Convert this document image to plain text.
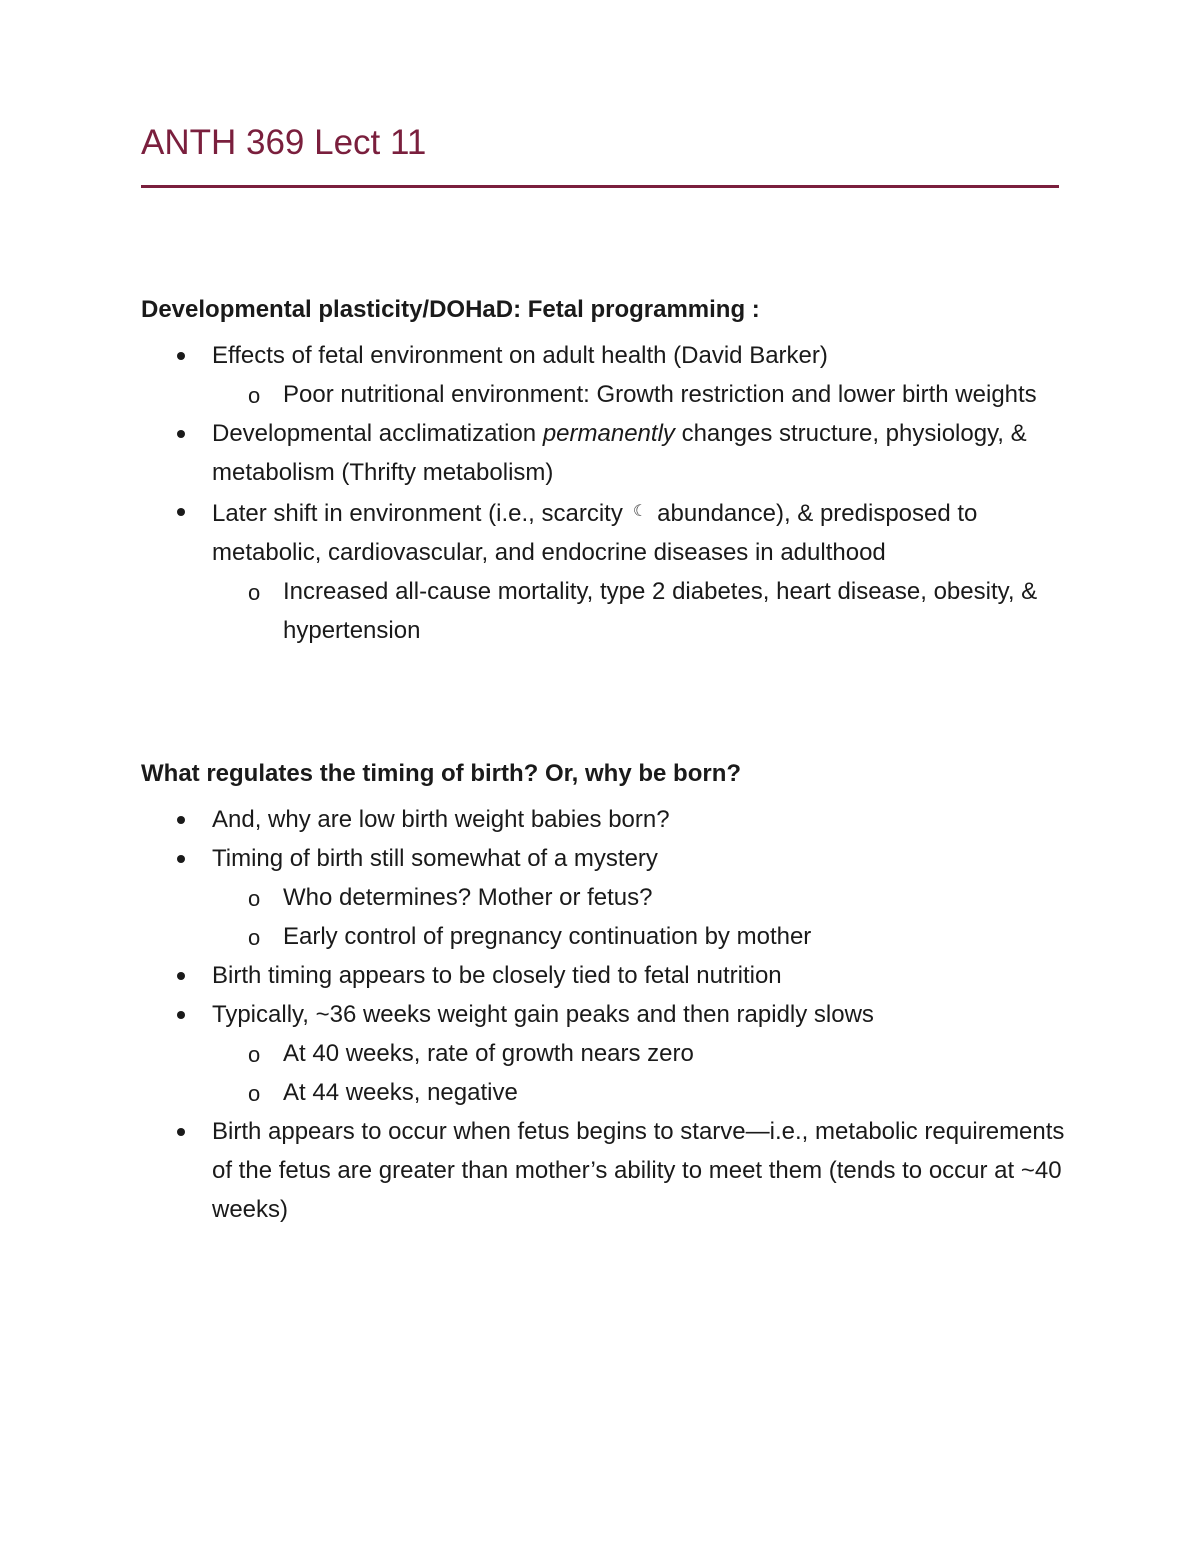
ANTH 369 Lect 11
Developmental plasticity/DOHaD: Fetal programming :
Effects of fetal environment on adult health (David Barker)
o Poor nutritional environment: Growth restriction and lower birth weights
Developmental acclimatization permanently changes structure, physiology, & metabolism (Thrifty metabolism)
Later shift in environment (i.e., scarcity ☾ abundance), & predisposed to metabolic, cardiovascular, and endocrine diseases in adulthood
o Increased all-cause mortality, type 2 diabetes, heart disease, obesity, & hypertension
What regulates the timing of birth? Or, why be born?
And, why are low birth weight babies born?
Timing of birth still somewhat of a mystery
o Who determines? Mother or fetus?
o Early control of pregnancy continuation by mother
Birth timing appears to be closely tied to fetal nutrition
Typically, ~36 weeks weight gain peaks and then rapidly slows
o At 40 weeks, rate of growth nears zero
o At 44 weeks, negative
Birth appears to occur when fetus begins to starve—i.e., metabolic requirements of the fetus are greater than mother’s ability to meet them (tends to occur at ~40 weeks)
